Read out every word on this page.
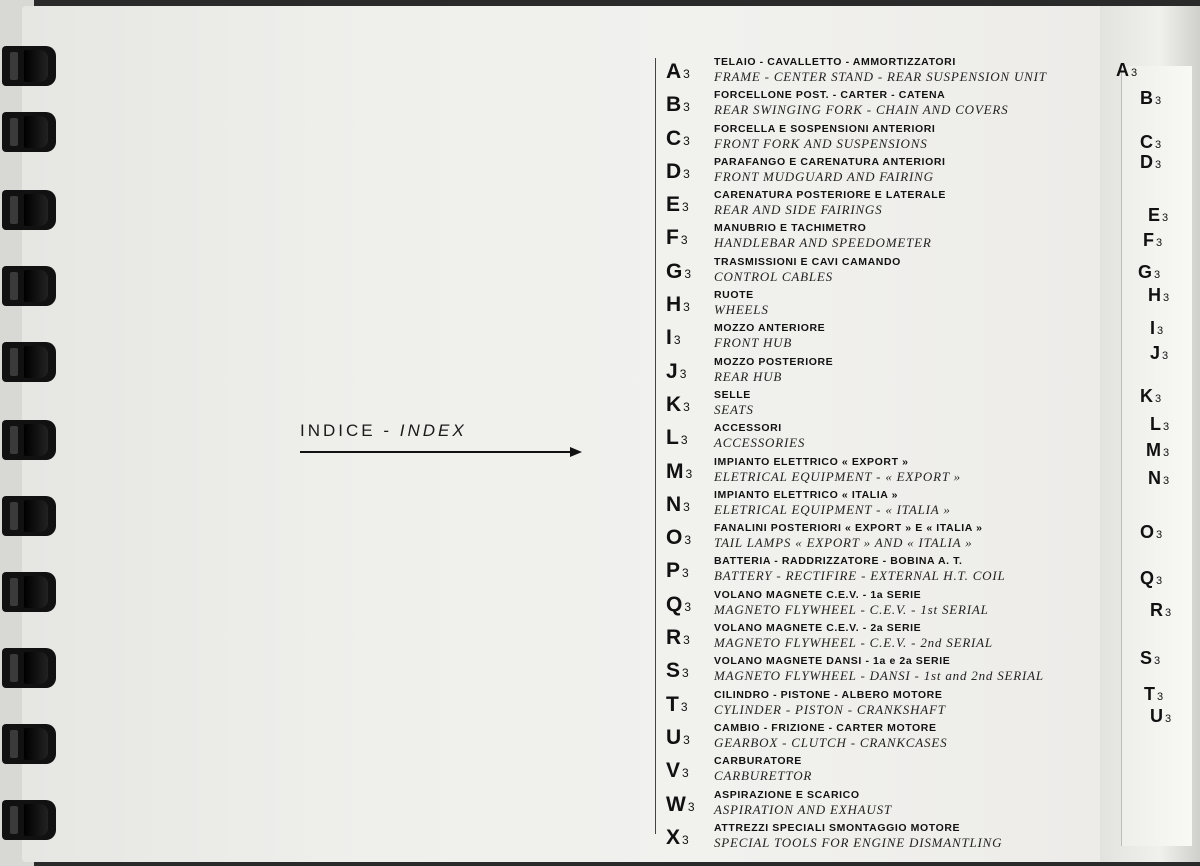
INDICE - INDEX
A 3
TELAIO - CAVALLETTO - AMMORTIZZATORI
FRAME - CENTER STAND - REAR SUSPENSION UNIT
B 3
FORCELLONE POST. - CARTER - CATENA
REAR SWINGING FORK - CHAIN AND COVERS
C 3
FORCELLA E SOSPENSIONI ANTERIORI
FRONT FORK AND SUSPENSIONS
D 3
PARAFANGO E CARENATURA ANTERIORI
FRONT MUDGUARD AND FAIRING
E 3
CARENATURA POSTERIORE E LATERALE
REAR AND SIDE FAIRINGS
F 3
MANUBRIO E TACHIMETRO
HANDLEBAR AND SPEEDOMETER
G 3
TRASMISSIONI E CAVI CAMANDO
CONTROL CABLES
H 3
RUOTE
WHEELS
I 3
MOZZO ANTERIORE
FRONT HUB
J 3
MOZZO POSTERIORE
REAR HUB
K 3
SELLE
SEATS
L 3
ACCESSORI
ACCESSORIES
M 3
IMPIANTO ELETTRICO « EXPORT »
ELETRICAL EQUIPMENT - « EXPORT »
N 3
IMPIANTO ELETTRICO « ITALIA »
ELETRICAL EQUIPMENT - « ITALIA »
O 3
FANALINI POSTERIORI « EXPORT » E « ITALIA »
TAIL LAMPS « EXPORT » AND « ITALIA »
P 3
BATTERIA - RADDRIZZATORE - BOBINA A. T.
BATTERY - RECTIFIRE - EXTERNAL H.T. COIL
Q 3
VOLANO MAGNETE C.E.V. - 1a SERIE
MAGNETO FLYWHEEL - C.E.V. - 1st SERIAL
R 3
VOLANO MAGNETE C.E.V. - 2a SERIE
MAGNETO FLYWHEEL - C.E.V. - 2nd SERIAL
S 3
VOLANO MAGNETE DANSI - 1a e 2a SERIE
MAGNETO FLYWHEEL - DANSI - 1st and 2nd SERIAL
T 3
CILINDRO - PISTONE - ALBERO MOTORE
CYLINDER - PISTON - CRANKSHAFT
U 3
CAMBIO - FRIZIONE - CARTER MOTORE
GEARBOX - CLUTCH - CRANKCASES
V 3
CARBURATORE
CARBURETTOR
W 3
ASPIRAZIONE E SCARICO
ASPIRATION AND EXHAUST
X 3
ATTREZZI SPECIALI SMONTAGGIO MOTORE
SPECIAL TOOLS FOR ENGINE DISMANTLING
A 3
B 3
C 3
D 3
E 3
F 3
G 3
H 3
I 3
J 3
K 3
L 3
M 3
N 3
O 3
Q 3
R 3
S 3
T 3
U 3
